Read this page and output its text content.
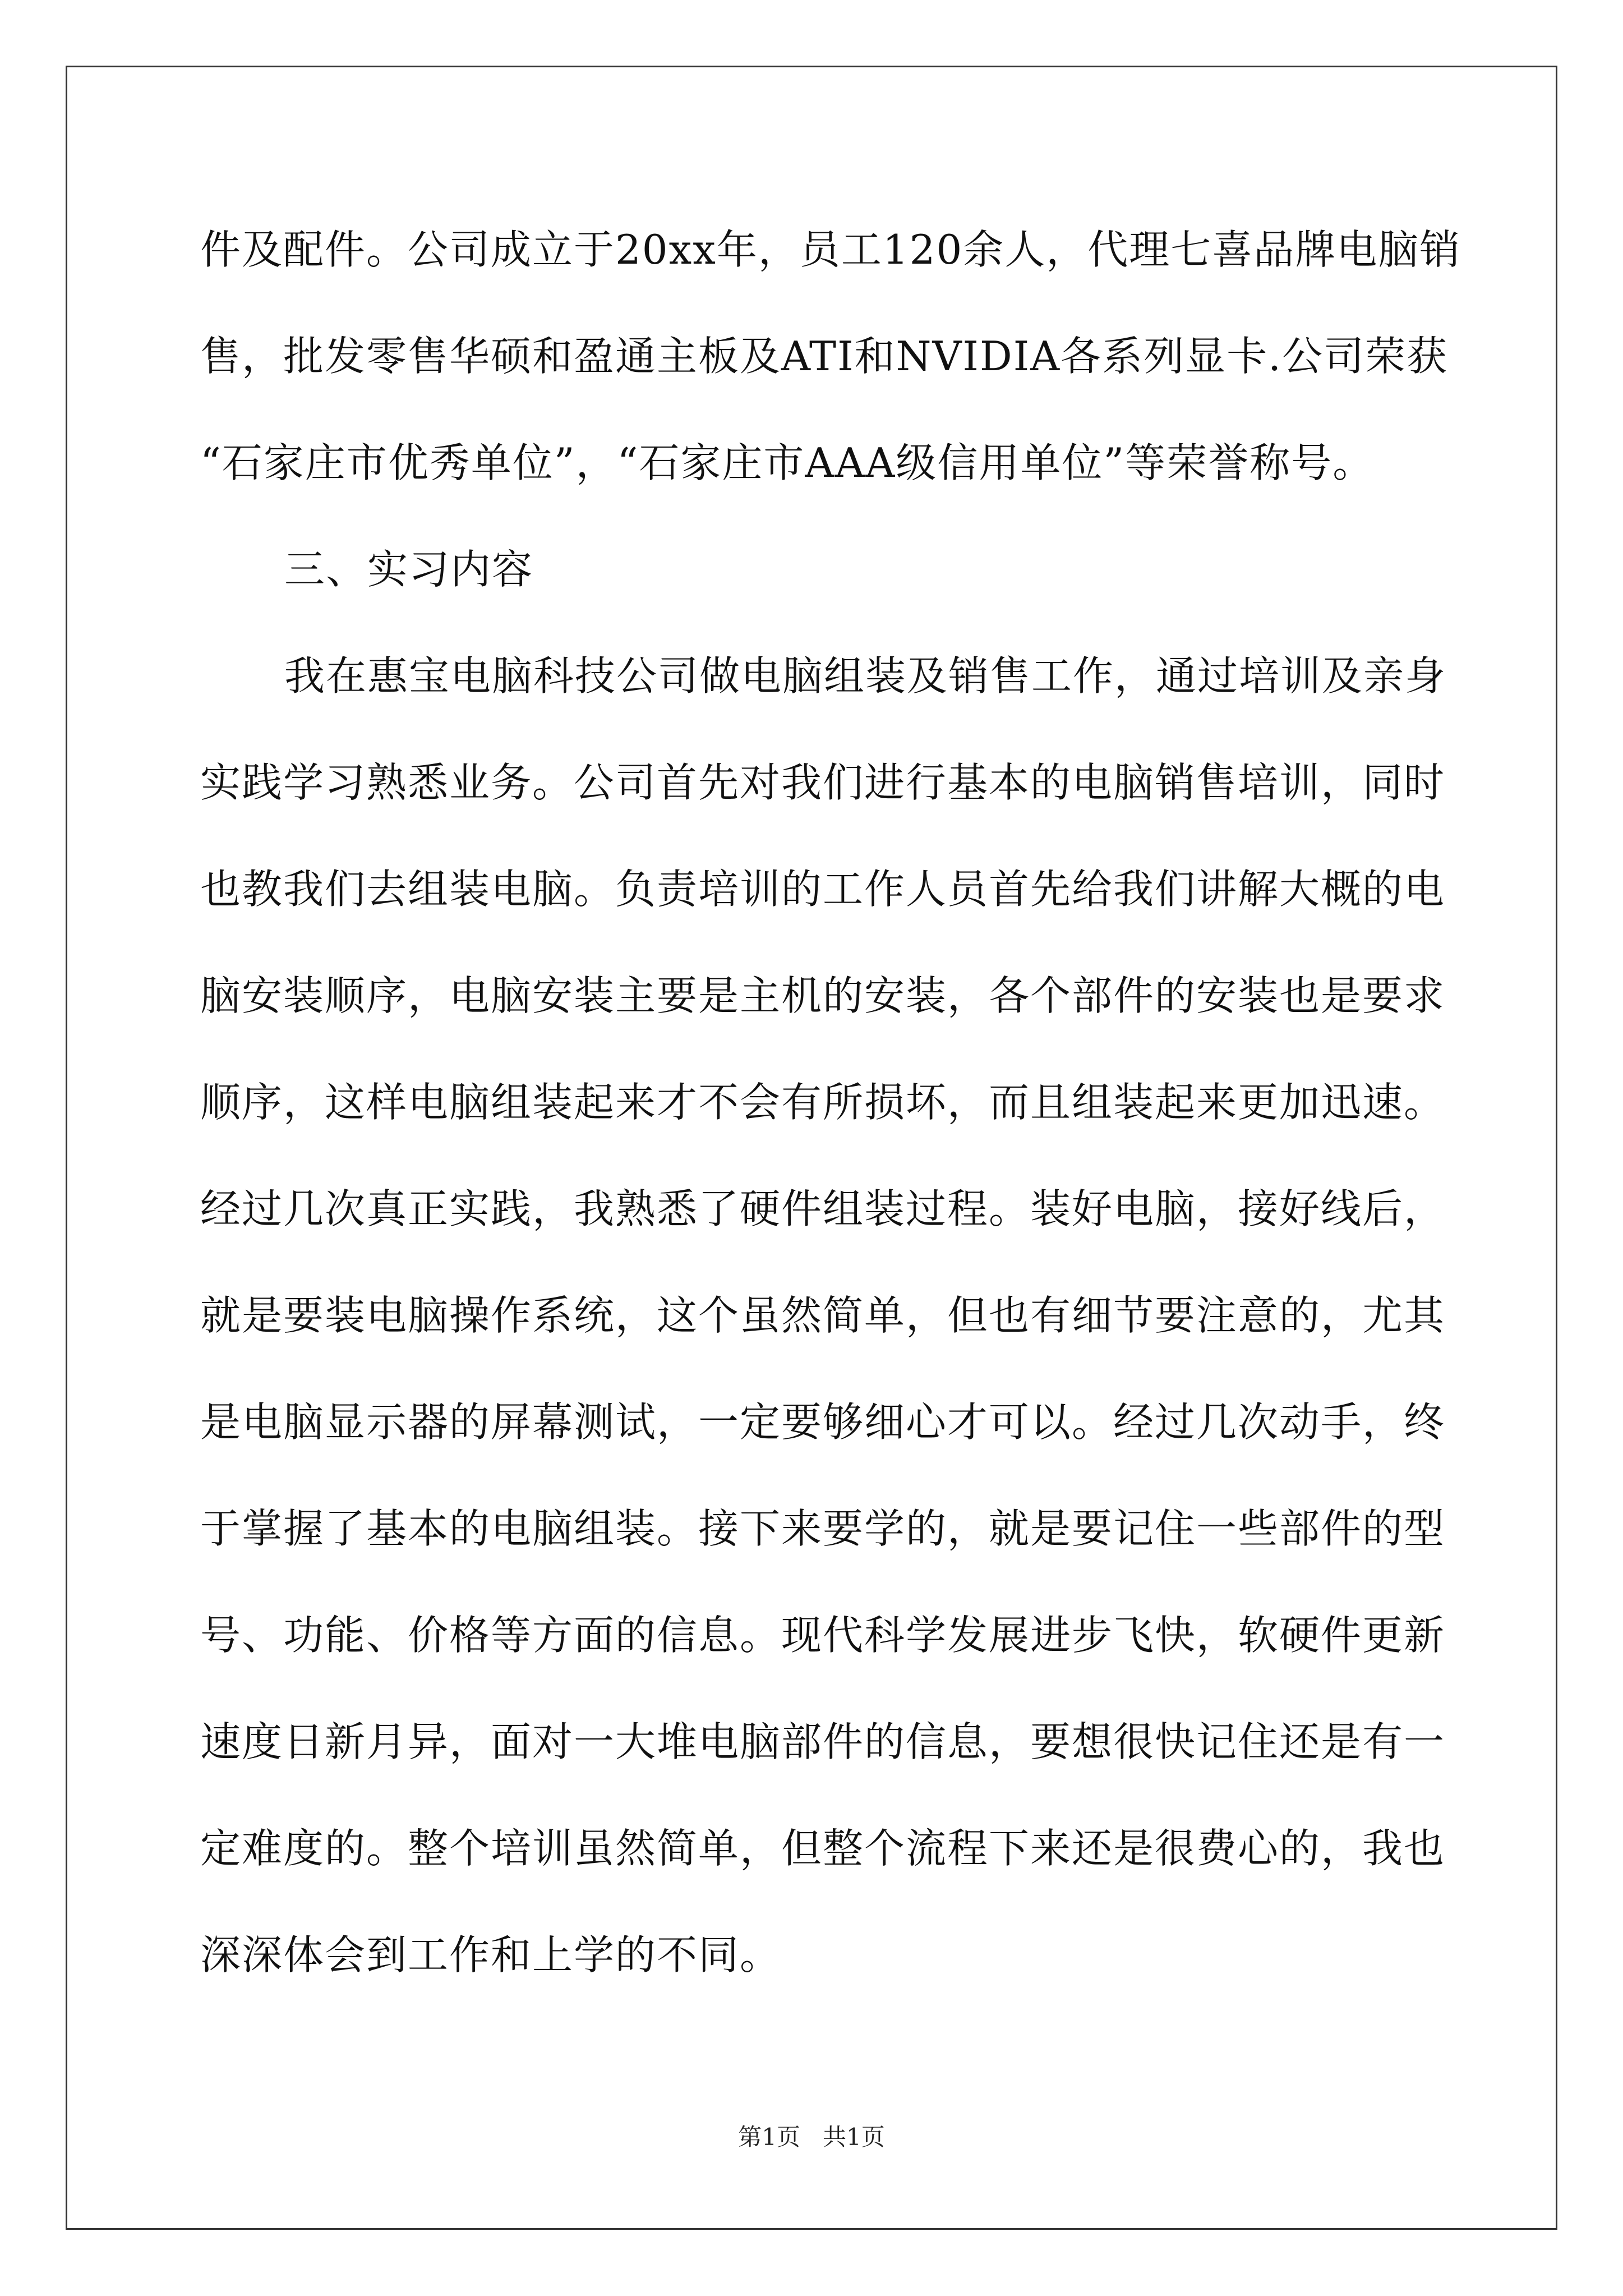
件及配件。公司成立于20xx年，员工120余人，代理七喜品牌电脑销
售，批发零售华硕和盈通主板及ATI和NVIDIA各系列显卡.公司荣获
“石家庄市优秀单位”，“石家庄市AAA级信用单位”等荣誉称号。
三、实习内容
我在惠宝电脑科技公司做电脑组装及销售工作，通过培训及亲身
实践学习熟悉业务。公司首先对我们进行基本的电脑销售培训，同时
也教我们去组装电脑。负责培训的工作人员首先给我们讲解大概的电
脑安装顺序，电脑安装主要是主机的安装，各个部件的安装也是要求
顺序，这样电脑组装起来才不会有所损坏，而且组装起来更加迅速。
经过几次真正实践，我熟悉了硬件组装过程。装好电脑，接好线后，
就是要装电脑操作系统，这个虽然简单，但也有细节要注意的，尤其
是电脑显示器的屏幕测试，一定要够细心才可以。经过几次动手，终
于掌握了基本的电脑组装。接下来要学的，就是要记住一些部件的型
号、功能、价格等方面的信息。现代科学发展进步飞快，软硬件更新
速度日新月异，面对一大堆电脑部件的信息，要想很快记住还是有一
定难度的。整个培训虽然简单，但整个流程下来还是很费心的，我也
深深体会到工作和上学的不同。
第1页 共1页
